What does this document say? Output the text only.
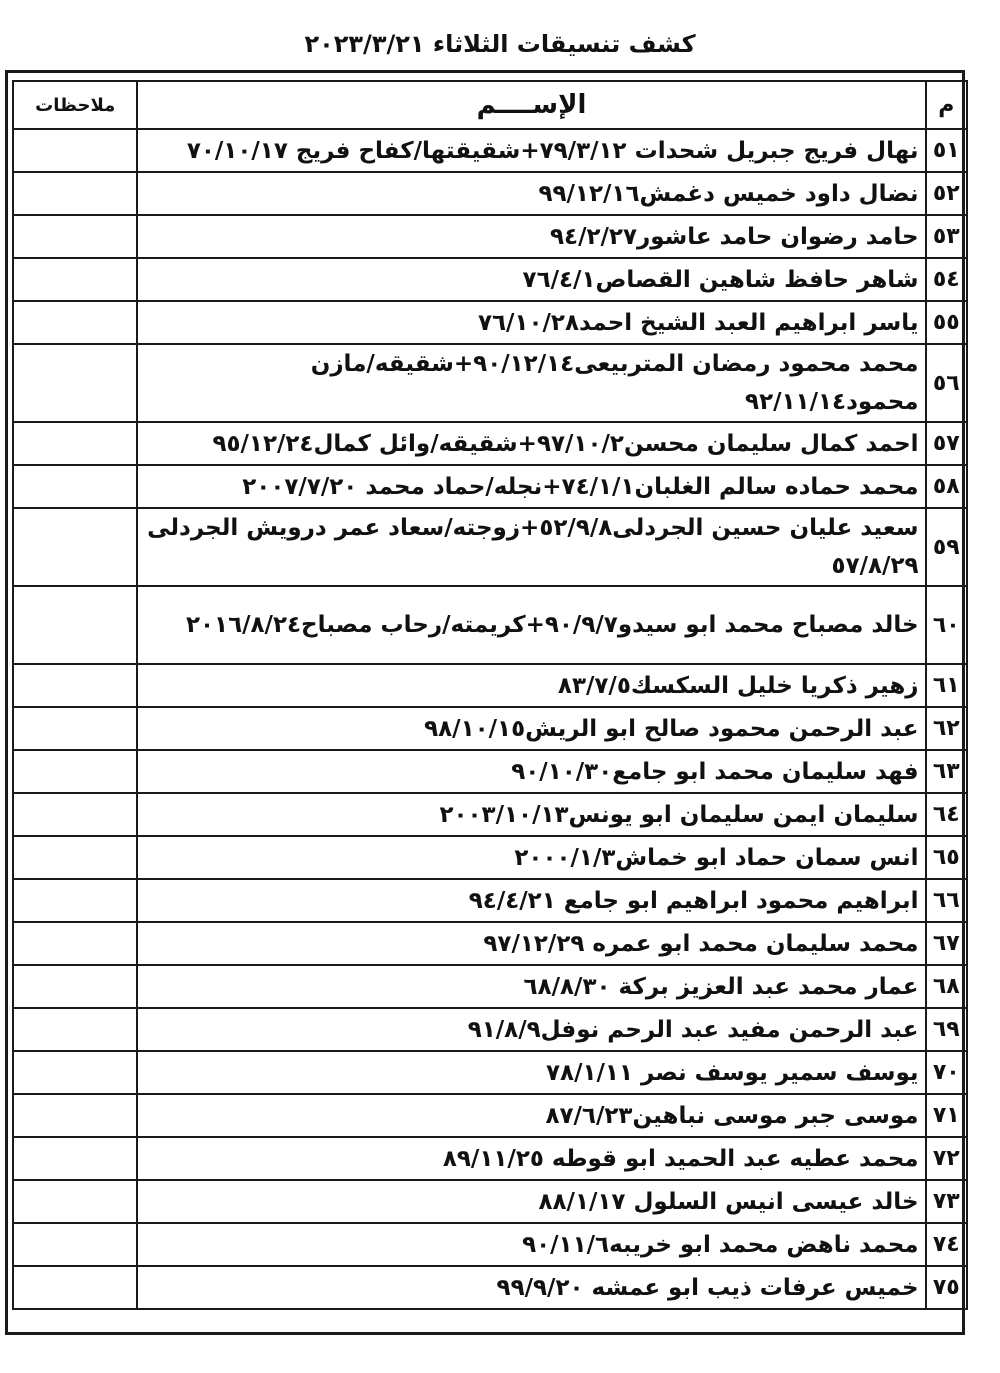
كشف تنسيقات الثلاثاء ٢٠٢٣/٣/٢١
م	الإســــم	ملاحظات
٥١	نهال فريج جبريل شحدات ٧٩/٣/١٢+شقيقتها/كفاح فريج ٧٠/١٠/١٧	
٥٢	نضال داود خميس دغمش٩٩/١٢/١٦	
٥٣	حامد رضوان حامد عاشور٩٤/٢/٢٧	
٥٤	شاهر حافظ شاهين القصاص٧٦/٤/١	
٥٥	ياسر ابراهيم العبد الشيخ احمد٧٦/١٠/٢٨	
٥٦	محمد محمود رمضان المتربيعى٩٠/١٢/١٤+شقيقه/مازن محمود٩٢/١١/١٤	
٥٧	احمد كمال سليمان محسن٩٧/١٠/٢+شقيقه/وائل كمال٩٥/١٢/٢٤	
٥٨	محمد حماده سالم الغلبان٧٤/١/١+نجله/حماد محمد ٢٠٠٧/٧/٢٠	
٥٩	سعيد عليان حسين الجردلى٥٢/٩/٨+زوجته/سعاد عمر درويش الجردلى ٥٧/٨/٢٩	
٦٠	خالد مصباح محمد ابو سيدو٩٠/٩/٧+كريمته/رحاب مصباح٢٠١٦/٨/٢٤	
٦١	زهير ذكريا خليل السكسك٨٣/٧/٥	
٦٢	عبد الرحمن محمود صالح ابو الريش٩٨/١٠/١٥	
٦٣	فهد سليمان محمد ابو جامع٩٠/١٠/٣٠	
٦٤	سليمان ايمن سليمان ابو يونس٢٠٠٣/١٠/١٣	
٦٥	انس سمان حماد ابو خماش٢٠٠٠/١/٣	
٦٦	ابراهيم محمود ابراهيم ابو جامع ٩٤/٤/٢١	
٦٧	محمد سليمان محمد ابو عمره ٩٧/١٢/٢٩	
٦٨	عمار محمد عبد العزيز بركة ٦٨/٨/٣٠	
٦٩	عبد الرحمن مفيد عبد الرحم نوفل٩١/٨/٩	
٧٠	يوسف سمير يوسف نصر ٧٨/١/١١	
٧١	موسى جبر موسى نباهين٨٧/٦/٢٣	
٧٢	محمد عطيه عبد الحميد ابو قوطه ٨٩/١١/٢٥	
٧٣	خالد عيسى انيس السلول ٨٨/١/١٧	
٧٤	محمد ناهض محمد ابو خريبه٩٠/١١/٦	
٧٥	خميس عرفات ذيب ابو عمشه ٩٩/٩/٢٠	
